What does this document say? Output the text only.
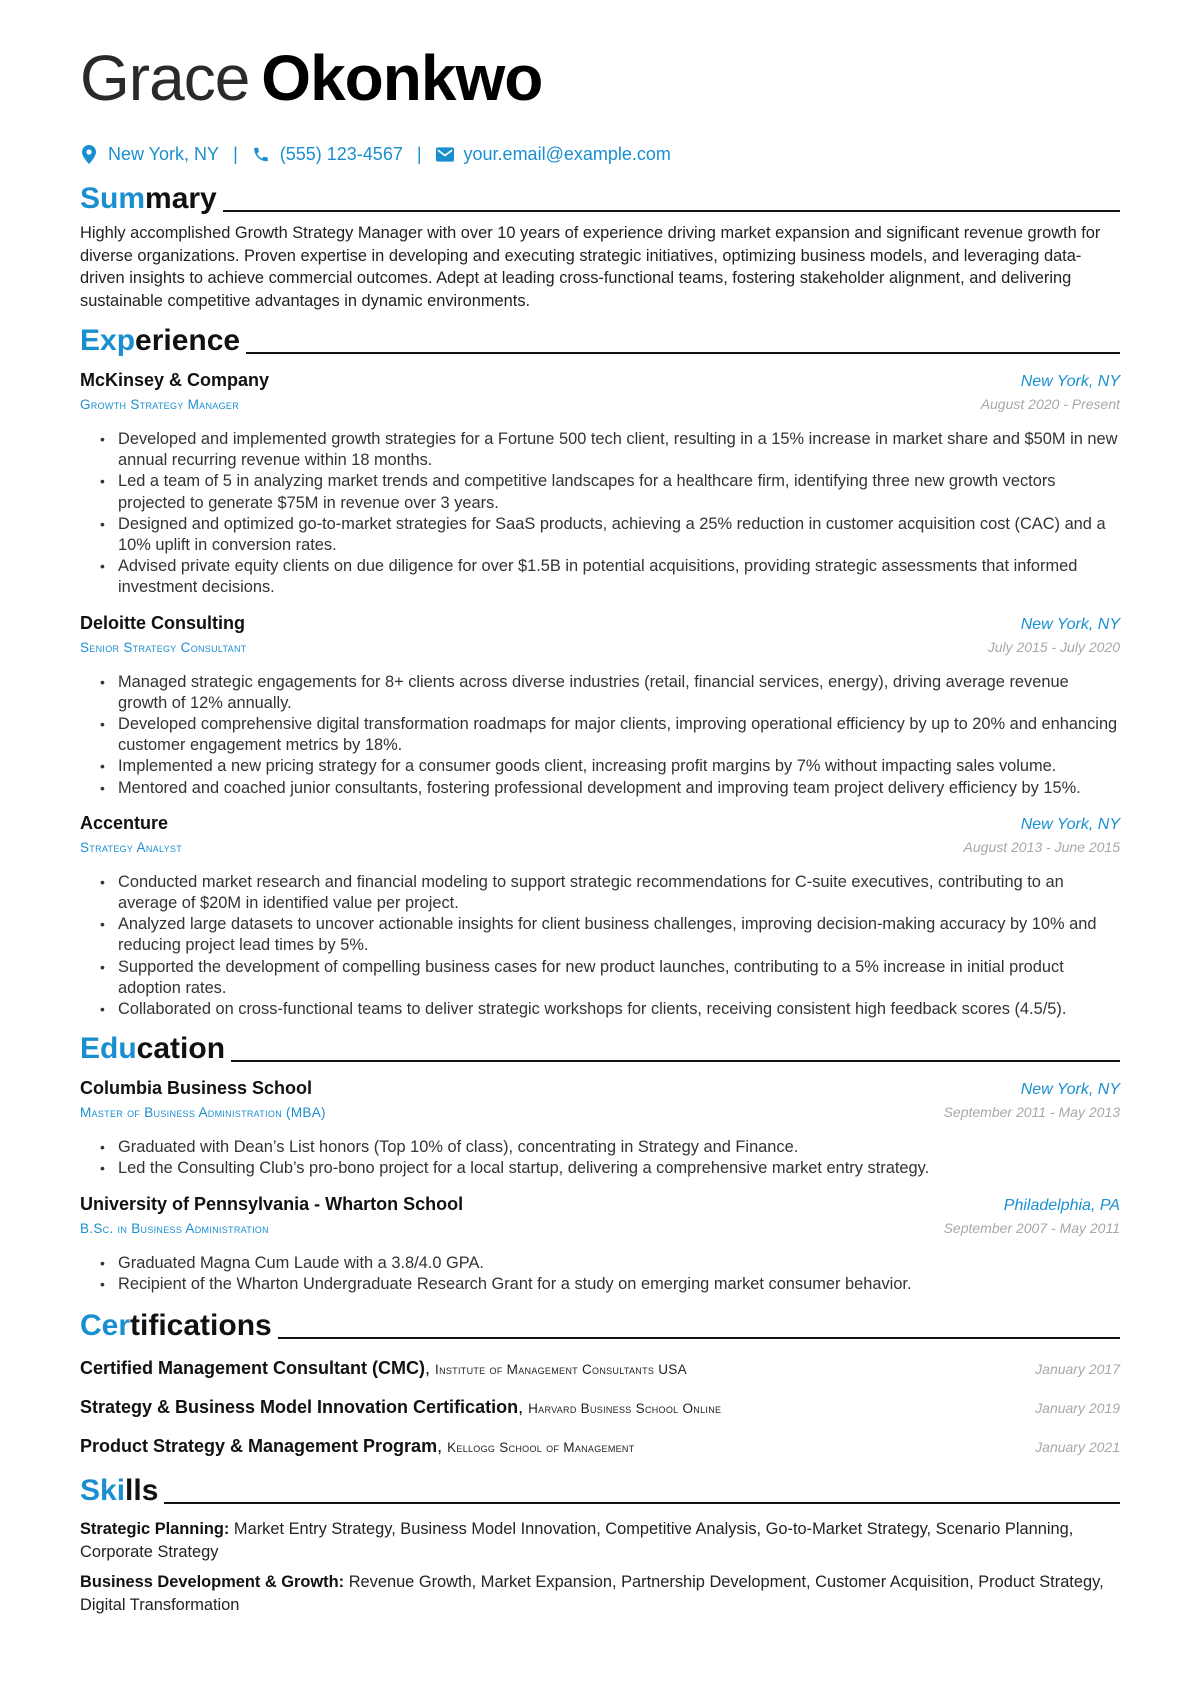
Grace Okonkwo
New York, NY | (555) 123-4567 | your.email@example.com
Summary
Highly accomplished Growth Strategy Manager with over 10 years of experience driving market expansion and significant revenue growth for diverse organizations. Proven expertise in developing and executing strategic initiatives, optimizing business models, and leveraging data-driven insights to achieve commercial outcomes. Adept at leading cross-functional teams, fostering stakeholder alignment, and delivering sustainable competitive advantages in dynamic environments.
Experience
McKinsey & Company	New York, NY
Growth Strategy Manager	August 2020 - Present
• Developed and implemented growth strategies for a Fortune 500 tech client, resulting in a 15% increase in market share and $50M in new annual recurring revenue within 18 months.
• Led a team of 5 in analyzing market trends and competitive landscapes for a healthcare firm, identifying three new growth vectors projected to generate $75M in revenue over 3 years.
• Designed and optimized go-to-market strategies for SaaS products, achieving a 25% reduction in customer acquisition cost (CAC) and a 10% uplift in conversion rates.
• Advised private equity clients on due diligence for over $1.5B in potential acquisitions, providing strategic assessments that informed investment decisions.
Deloitte Consulting	New York, NY
Senior Strategy Consultant	July 2015 - July 2020
• Managed strategic engagements for 8+ clients across diverse industries (retail, financial services, energy), driving average revenue growth of 12% annually.
• Developed comprehensive digital transformation roadmaps for major clients, improving operational efficiency by up to 20% and enhancing customer engagement metrics by 18%.
• Implemented a new pricing strategy for a consumer goods client, increasing profit margins by 7% without impacting sales volume.
• Mentored and coached junior consultants, fostering professional development and improving team project delivery efficiency by 15%.
Accenture	New York, NY
Strategy Analyst	August 2013 - June 2015
• Conducted market research and financial modeling to support strategic recommendations for C-suite executives, contributing to an average of $20M in identified value per project.
• Analyzed large datasets to uncover actionable insights for client business challenges, improving decision-making accuracy by 10% and reducing project lead times by 5%.
• Supported the development of compelling business cases for new product launches, contributing to a 5% increase in initial product adoption rates.
• Collaborated on cross-functional teams to deliver strategic workshops for clients, receiving consistent high feedback scores (4.5/5).
Education
Columbia Business School	New York, NY
Master of Business Administration (MBA)	September 2011 - May 2013
• Graduated with Dean’s List honors (Top 10% of class), concentrating in Strategy and Finance.
• Led the Consulting Club’s pro-bono project for a local startup, delivering a comprehensive market entry strategy.
University of Pennsylvania - Wharton School	Philadelphia, PA
B.Sc. in Business Administration	September 2007 - May 2011
• Graduated Magna Cum Laude with a 3.8/4.0 GPA.
• Recipient of the Wharton Undergraduate Research Grant for a study on emerging market consumer behavior.
Certifications
Certified Management Consultant (CMC), Institute of Management Consultants USA	January 2017
Strategy & Business Model Innovation Certification, Harvard Business School Online	January 2019
Product Strategy & Management Program, Kellogg School of Management	January 2021
Skills
Strategic Planning: Market Entry Strategy, Business Model Innovation, Competitive Analysis, Go-to-Market Strategy, Scenario Planning, Corporate Strategy
Business Development & Growth: Revenue Growth, Market Expansion, Partnership Development, Customer Acquisition, Product Strategy, Digital Transformation
